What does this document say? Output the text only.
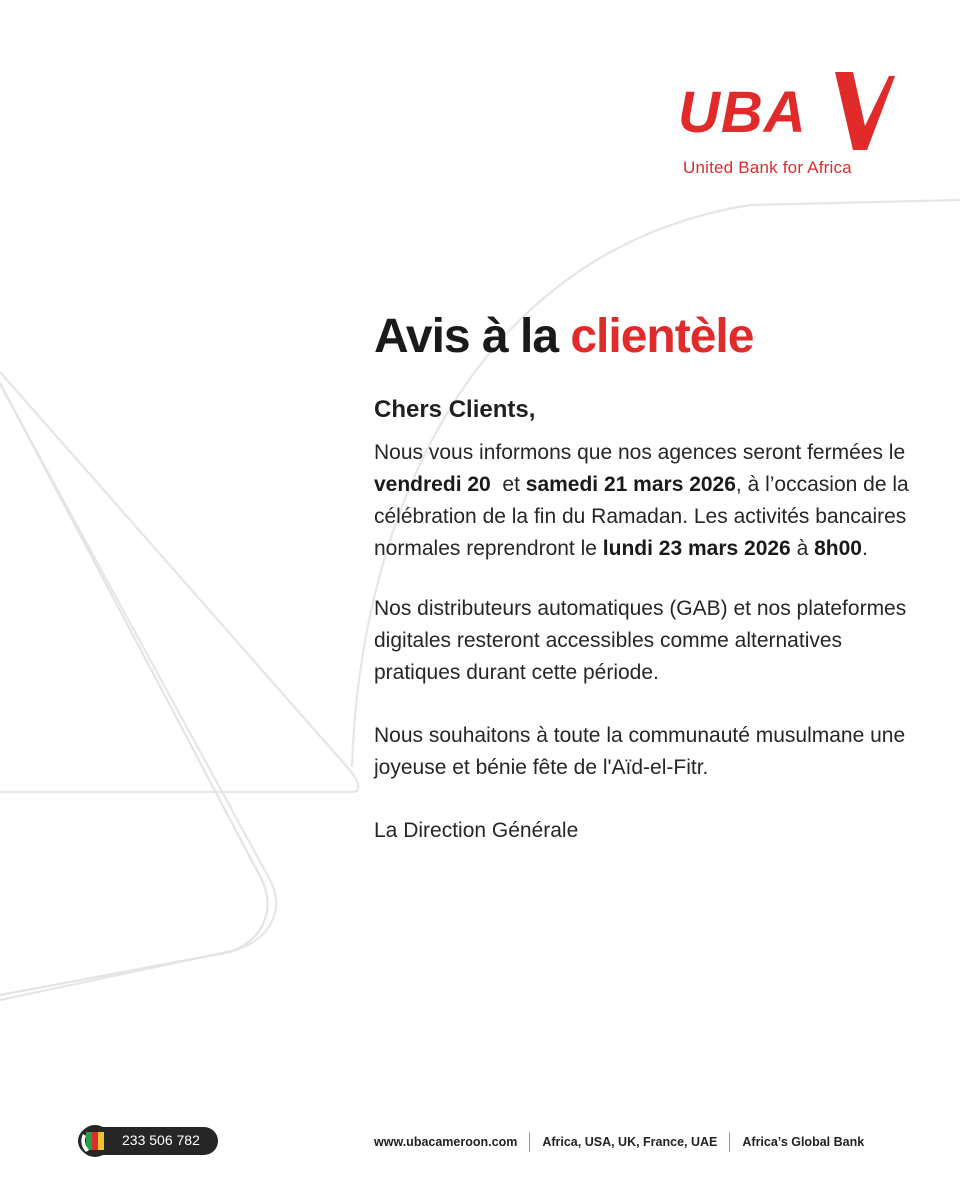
UBA
United Bank for Africa
Avis à la clientèle
Chers Clients,

Nous vous informons que nos agences seront fermées le vendredi 20  et samedi 21 mars 2026, à l’occasion de la célébration de la fin du Ramadan. Les activités bancaires normales reprendront le lundi 23 mars 2026 à 8h00.

Nos distributeurs automatiques (GAB) et nos plateformes digitales resteront accessibles comme alternatives pratiques durant cette période.

Nous souhaitons à toute la communauté musulmane une joyeuse et bénie fête de l'Aïd-el-Fitr.

La Direction Générale
233 506 782	www.ubacameroon.com Africa, USA, UK, France, UAE Africa’s Global Bank
